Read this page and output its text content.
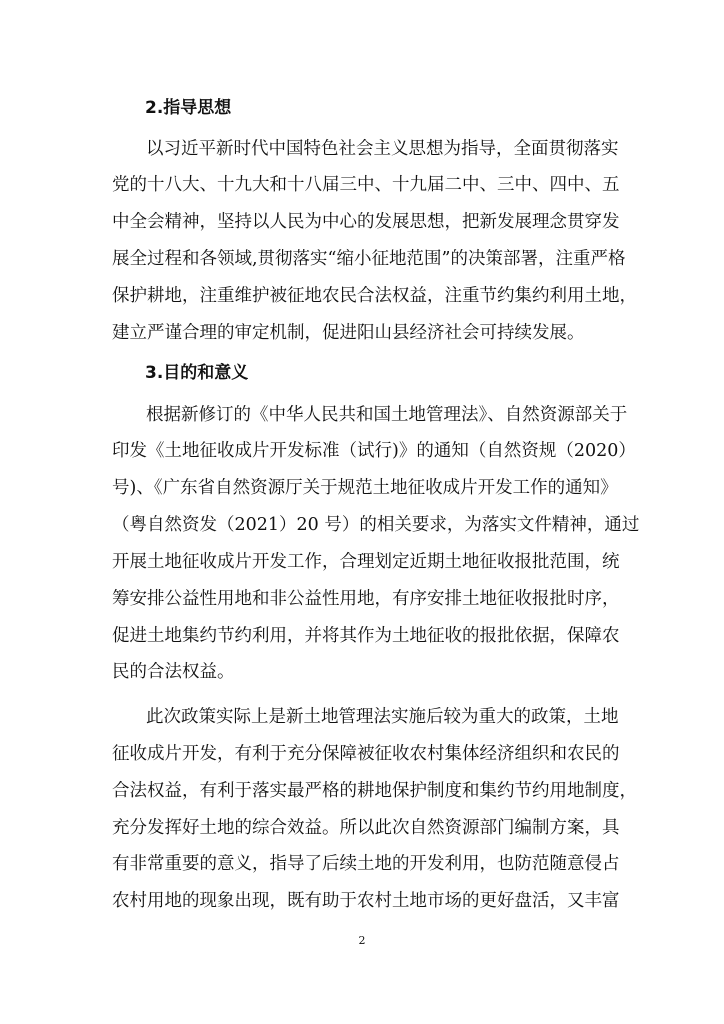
2.指导思想

以习近平新时代中国特色社会主义思想为指导，全面贯彻落实

党的十八大、十九大和十八届三中、十九届二中、三中、四中、五

中全会精神，坚持以人民为中心的发展思想，把新发展理念贯穿发

展全过程和各领域,贯彻落实“缩小征地范围”的决策部署，注重严格

保护耕地，注重维护被征地农民合法权益，注重节约集约利用土地，

建立严谨合理的审定机制，促进阳山县经济社会可持续发展。

3.目的和意义

根据新修订的《中华人民共和国土地管理法》、自然资源部关于

印发《土地征收成片开发标准（试行)》的通知（自然资规（2020）

号)、《广东省自然资源厅关于规范土地征收成片开发工作的通知》

（粤自然资发（2021）20 号）的相关要求，为落实文件精神，通过

开展土地征收成片开发工作，合理划定近期土地征收报批范围，统

筹安排公益性用地和非公益性用地，有序安排土地征收报批时序，

促进土地集约节约利用，并将其作为土地征收的报批依据，保障农

民的合法权益。

此次政策实际上是新土地管理法实施后较为重大的政策，土地

征收成片开发，有利于充分保障被征收农村集体经济组织和农民的

合法权益，有利于落实最严格的耕地保护制度和集约节约用地制度，

充分发挥好土地的综合效益。所以此次自然资源部门编制方案，具

有非常重要的意义，指导了后续土地的开发利用，也防范随意侵占

农村用地的现象出现，既有助于农村土地市场的更好盘活，又丰富

2
